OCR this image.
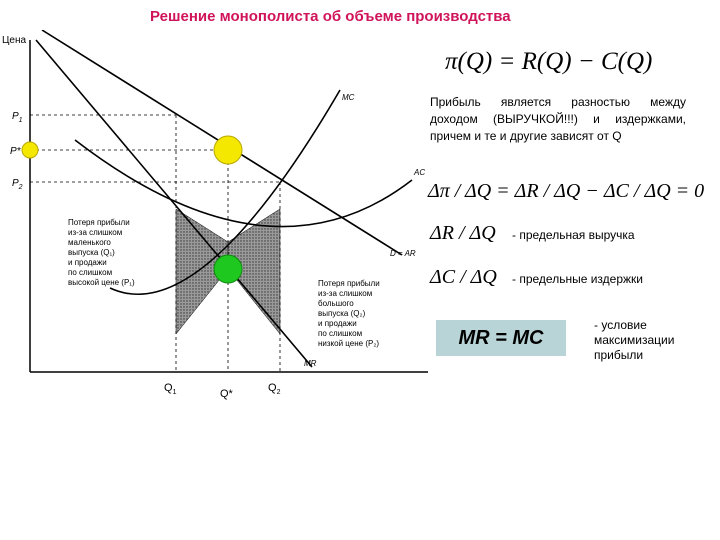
Решение монополиста об объеме производства
Цена
$P_1$
P*
$P_2$
MC
AC
D = AR
MR
$Q_1$	Q*	$Q_2$
Потеря прибыли
из-за слишком
маленького
выпуска (Q₁)
и продажи
по слишком
высокой цене (P₁)	Потеря прибыли
из-за слишком
большого
выпуска (Q₂)
и продажи
по слишком
низкой цене (P₂)
π(Q) = R(Q) − C(Q)
Прибыль является разностью между доходом (ВЫРУЧКОЙ!!!) и издержками, причем и те и другие зависят от Q
Δπ / ΔQ = ΔR / ΔQ − ΔC / ΔQ = 0
ΔR / ΔQ - предельная выручка
ΔC / ΔQ - предельные издержки
MR = MC
- условие максимизации прибыли
